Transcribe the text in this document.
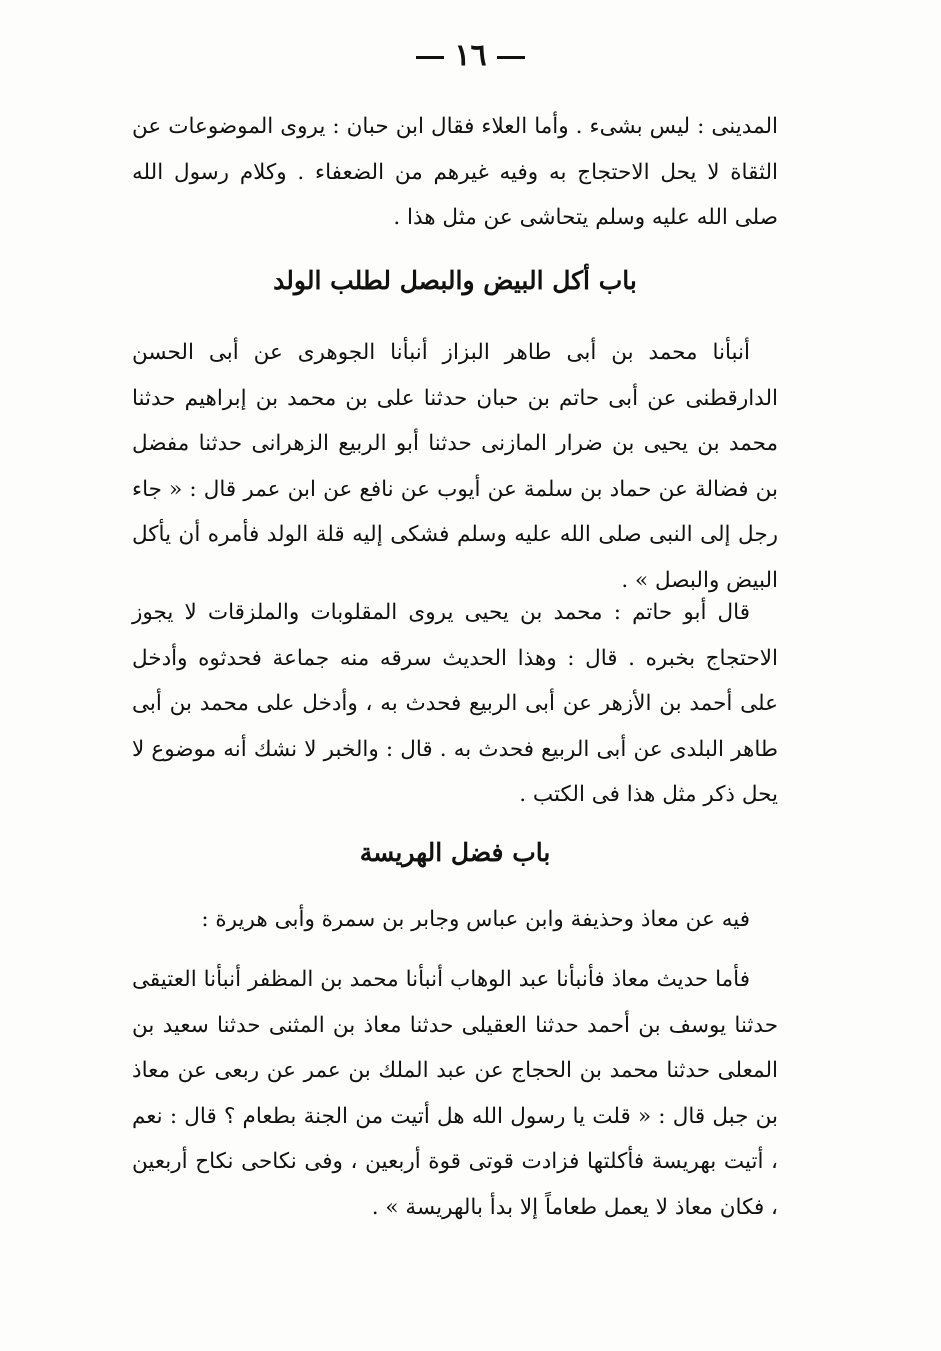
١٦

المدينى : ليس بشىء . وأما العلاء فقال ابن حبان : يروى الموضوعات عن الثقاة لا يحل الاحتجاج به وفيه غيرهم من الضعفاء . وكلام رسول الله صلى الله عليه وسلم يتحاشى عن مثل هذا .

باب أكل البيض والبصل لطلب الولد

أنبأنا محمد بن أبى طاهر البزاز أنبأنا الجوهرى عن أبى الحسن الدارقطنى عن أبى حاتم بن حبان حدثنا على بن محمد بن إبراهيم حدثنا محمد بن يحيى بن ضرار المازنى حدثنا أبو الربيع الزهرانى حدثنا مفضل بن فضالة عن حماد بن سلمة عن أيوب عن نافع عن ابن عمر قال : « جاء رجل إلى النبى صلى الله عليه وسلم فشكى إليه قلة الولد فأمره أن يأكل البيض والبصل » .

قال أبو حاتم : محمد بن يحيى يروى المقلوبات والملزقات لا يجوز الاحتجاج بخبره . قال : وهذا الحديث سرقه منه جماعة فحدثوه وأدخل على أحمد بن الأزهر عن أبى الربيع فحدث به ، وأدخل على محمد بن أبى طاهر البلدى عن أبى الربيع فحدث به . قال : والخبر لا نشك أنه موضوع لا يحل ذكر مثل هذا فى الكتب .

باب فضل الهريسة

فيه عن معاذ وحذيفة وابن عباس وجابر بن سمرة وأبى هريرة :

فأما حديث معاذ فأنبأنا عبد الوهاب أنبأنا محمد بن المظفر أنبأنا العتيقى حدثنا يوسف بن أحمد حدثنا العقيلى حدثنا معاذ بن المثنى حدثنا سعيد بن المعلى حدثنا محمد بن الحجاج عن عبد الملك بن عمر عن ربعى عن معاذ بن جبل قال : « قلت يا رسول الله هل أتيت من الجنة بطعام ؟ قال : نعم ، أتيت بهريسة فأكلتها فزادت قوتى قوة أربعين ، وفى نكاحى نكاح أربعين ، فكان معاذ لا يعمل طعاماً إلا بدأ بالهريسة » .
